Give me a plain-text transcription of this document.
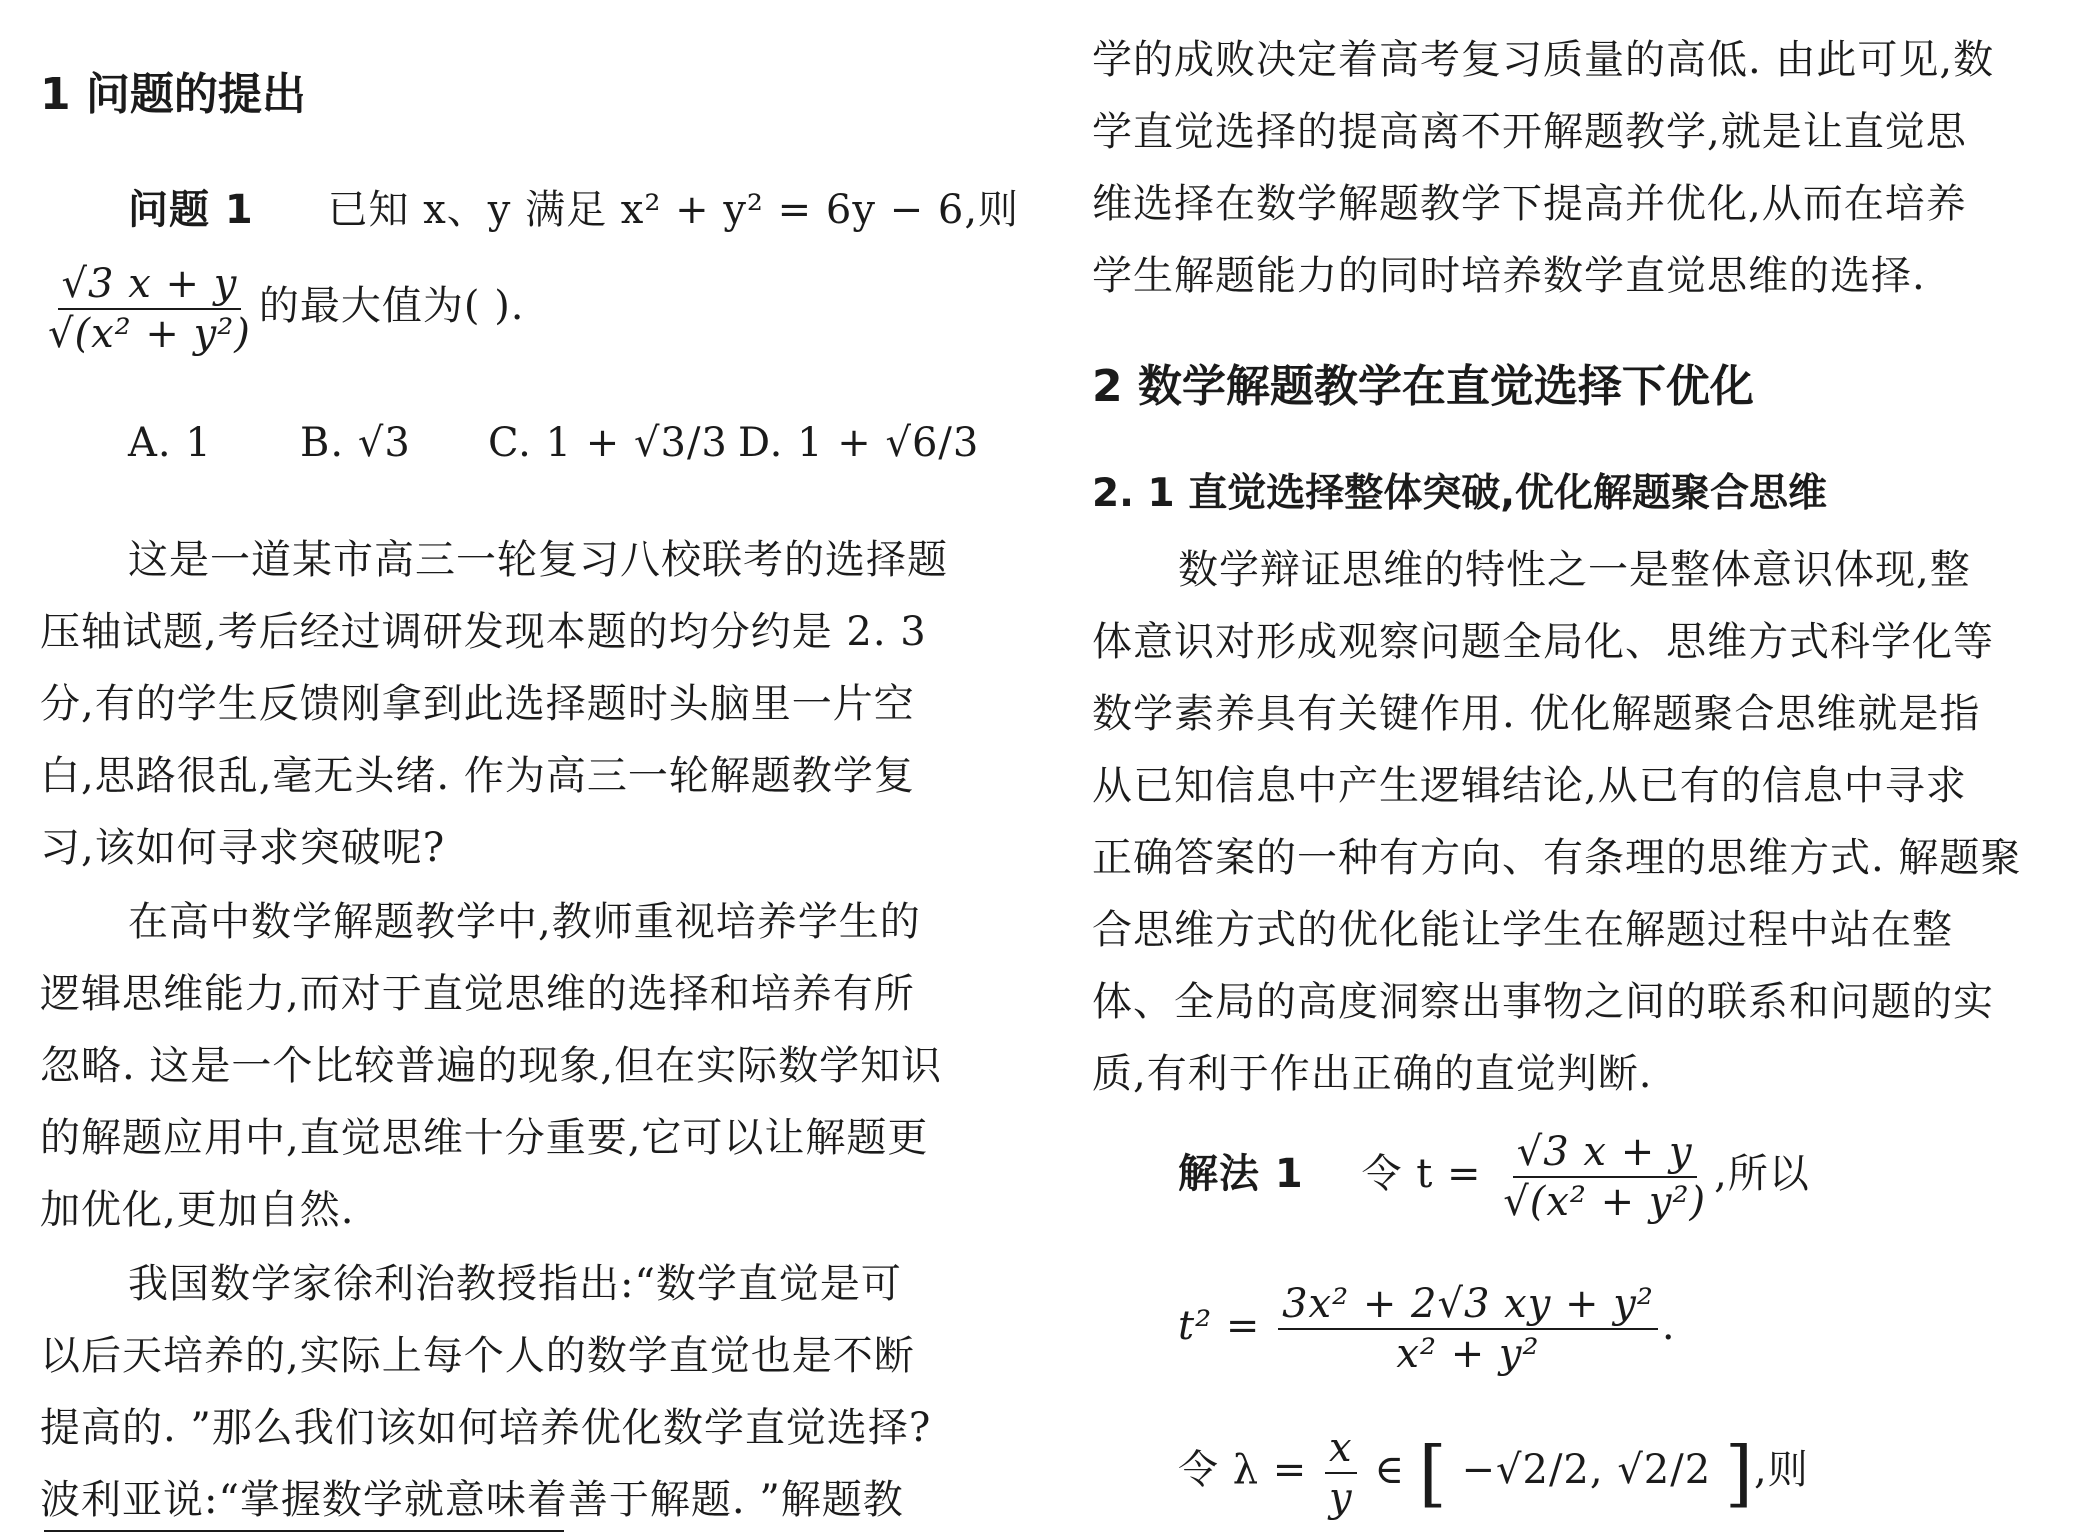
1 问题的提出
问题 1 已知 x、y 满足 x² + y² = 6y − 6,则
$\frac{√3 x + y}{\text{√(x² + y²)}}$ 的最大值为( ).
A. 1 B. √3 C. 1 + √3/3 D. 1 + √6/3
这是一道某市高三一轮复习八校联考的选择题
压轴试题,考后经过调研发现本题的均分约是 2. 3
分,有的学生反馈刚拿到此选择题时头脑里一片空
白,思路很乱,毫无头绪. 作为高三一轮解题教学复
习,该如何寻求突破呢?
在高中数学解题教学中,教师重视培养学生的
逻辑思维能力,而对于直觉思维的选择和培养有所
忽略. 这是一个比较普遍的现象,但在实际数学知识
的解题应用中,直觉思维十分重要,它可以让解题更
加优化,更加自然.
我国数学家徐利治教授指出:“数学直觉是可
以后天培养的,实际上每个人的数学直觉也是不断
提高的. ”那么我们该如何培养优化数学直觉选择?
波利亚说:“掌握数学就意味着善于解题. ”解题教
学的成败决定着高考复习质量的高低. 由此可见,数
学直觉选择的提高离不开解题教学,就是让直觉思
维选择在数学解题教学下提高并优化,从而在培养
学生解题能力的同时培养数学直觉思维的选择.
2 数学解题教学在直觉选择下优化
2. 1 直觉选择整体突破,优化解题聚合思维
数学辩证思维的特性之一是整体意识体现,整
体意识对形成观察问题全局化、思维方式科学化等
数学素养具有关键作用. 优化解题聚合思维就是指
从已知信息中产生逻辑结论,从已有的信息中寻求
正确答案的一种有方向、有条理的思维方式. 解题聚
合思维方式的优化能让学生在解题过程中站在整
体、全局的高度洞察出事物之间的联系和问题的实
质,有利于作出正确的直觉判断.
解法 1 令 $t = \frac{√3 x + y}{\text{√(x² + y²)}}$ ,所以
$t^2 = \frac{\text{3x² + 2√3 xy + y²}}{\text{x² + y²}}$ .
令 $\lambda = \frac{x}{y}$ ∈ [ −√2/2, √2/2 ],则
